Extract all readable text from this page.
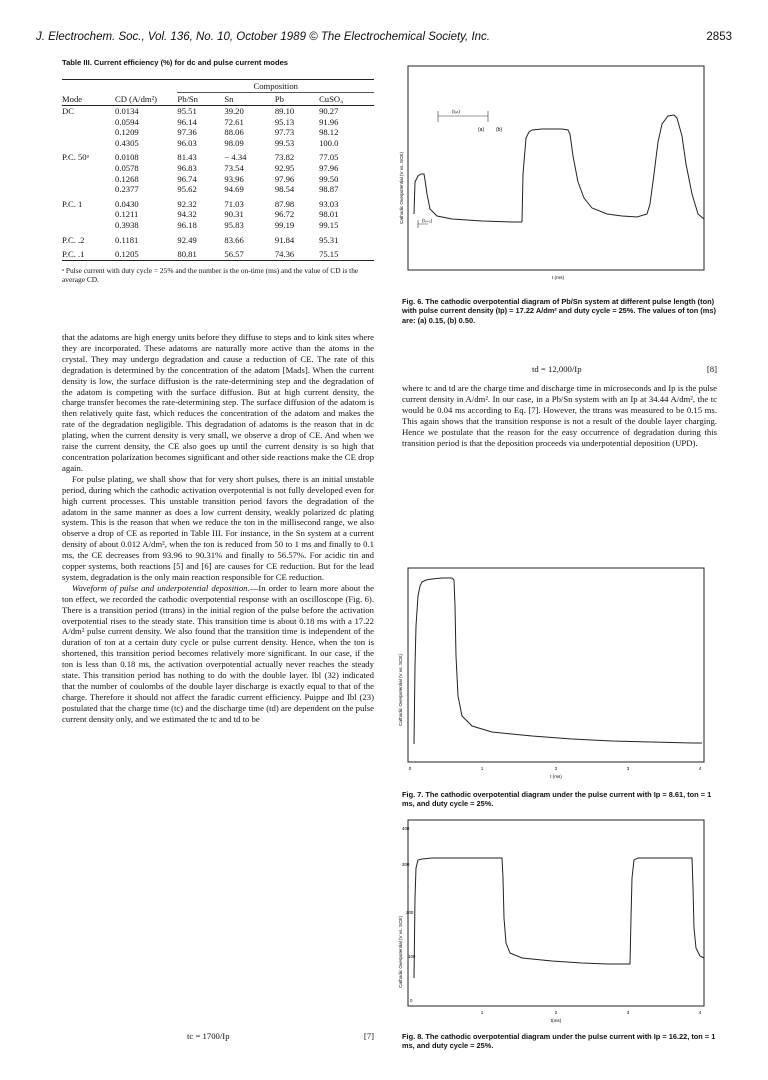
J. Electrochem. Soc., Vol. 136, No. 10, October 1989 © The Electrochemical Society, Inc.	2853
Table III. Current efficiency (%) for dc and pulse current modes
		Composition			
Mode	CD (A/dm²)	Pb/Sn	Sn	Pb	CuSO₄
DC	0.0134	95.51	39.20	89.10	90.27
	0.0594	96.14	72.61	95.13	91.96
	0.1209	97.36	88.06	97.73	98.12
	0.4305	96.03	98.09	99.53	100.0
P.C. 50ᵃ	0.0108	81.43	− 4.34	73.82	77.05
	0.0578	96.83	73.54	92.95	97.96
	0.1268	96.74	93.96	97.96	99.50
	0.2377	95.62	94.69	98.54	98.87
P.C. 1	0.0430	92.32	71.03	87.98	93.03
	0.1211	94.32	90.31	96.72	98.01
	0.3938	96.18	95.83	99.19	99.15
P.C. .2	0.1181	92.49	83.66	91.84	95.31
P.C. .1	0.1205	80.81	56.57	74.36	75.15
ᵃ Pulse current with duty cycle = 25% and the number is the on-time (ms) and the value of CD is the average CD.

that the adatoms are high energy units before they diffuse to steps and to kink sites where they are incorporated. These adatoms are naturally more active than the atoms in the crystal. They may undergo degradation and cause a reduction of CE. The rate of this degradation is determined by the concentration of the adatom [Mads]. When the current density is low, the surface diffusion is the rate-determining step and the degradation of the adatom is competing with the surface diffusion. But at high current density, the charge transfer becomes the rate-determining step. The surface diffusion of the adatom is then relatively quite fast, which reduces the concentration of the adatom and makes the rate of the degradation negligible. This degradation of adatoms is the reason that in dc plating, when the current density is very small, we observe a drop of CE. And when we raise the current density, the CE also goes up until the current density is so high that concentration polarization becomes significant and other side reactions make the CE drop again.

For pulse plating, we shall show that for very short pulses, there is an initial unstable period, during which the cathodic activation overpotential is not fully developed even for high current processes. This unstable transition period favors the degradation of the adatom in the same manner as does a low current density, weakly polarized dc plating system. This is the reason that when we reduce the ton in the millisecond range, we also observe a drop of CE as reported in Table III. For instance, in the Sn system at a current density of about 0.012 A/dm², when the ton is reduced from 50 to 1 ms and finally to 0.1 ms, the CE decreases from 93.96 to 90.31% and finally to 56.57%. For acidic tin and copper systems, both reactions [5] and [6] are causes for CE reduction. But for the lead system, degradation is the only main reaction responsible for CE reduction.

Waveform of pulse and underpotential deposition.—In order to learn more about the ton effect, we recorded the cathodic overpotential response with an oscilloscope (Fig. 6). There is a transition period (ttrans) in the initial region of the pulse before the activation overpotential rises to the steady state. This transition time is about 0.18 ms with a 17.22 A/dm² pulse current density. We also found that the transition time is independent of the duration of ton at a certain duty cycle or pulse current density. Hence, when the ton is shortened, this transition period becomes relatively more significant. In our case, if the ton is less than 0.18 ms, the activation overpotential actually never reaches the steady state. This transition period has nothing to do with the double layer. Ibl (32) indicated that the number of coulombs of the double layer discharge is exactly equal to that of the charge. Therefore it should not affect the faradic current efficiency. Puippe and Ibl (23) postulated that the charge time (tc) and the discharge time (td) are dependent on the pulse current density only, and we estimated the tc and td to be

tc = 1700/Ip	[7]
Cathodic Overpotential (V vs. SCE)
(tₒₙ)
(a) (b)
(t₀₊₁)
t (ms)
Fig. 6. The cathodic overpotential diagram of Pb/Sn system at different pulse length (ton) with pulse current density (Ip) = 17.22 A/dm² and duty cycle = 25%. The values of ton (ms) are: (a) 0.15, (b) 0.50.
td = 12,000/Ip	[8]

where tc and td are the charge time and discharge time in microseconds and Ip is the pulse current density in A/dm². In our case, in a Pb/Sn system with an Ip at 34.44 A/dm², the tc would be 0.04 ms according to Eq. [7]. However, the ttrans was measured to be 0.15 ms. This again shows that the transition response is not a result of the double layer charging. Hence we postulate that the reason for the easy occurrence of degradation during this transition period is that the deposition proceeds via underpotential deposition (UPD).

Cathodic Overpotential (V vs. SCE)
0	1	2	3	4
t (ms)
Fig. 7. The cathodic overpotential diagram under the pulse current with Ip = 8.61, ton = 1 ms, and duty cycle = 25%.
Cathodic Overpotential (V vs. SCE)
400
300
200
100
0
1	2	3	4
t(ms)
Fig. 8. The cathodic overpotential diagram under the pulse current with Ip = 16.22, ton = 1 ms, and duty cycle = 25%.
